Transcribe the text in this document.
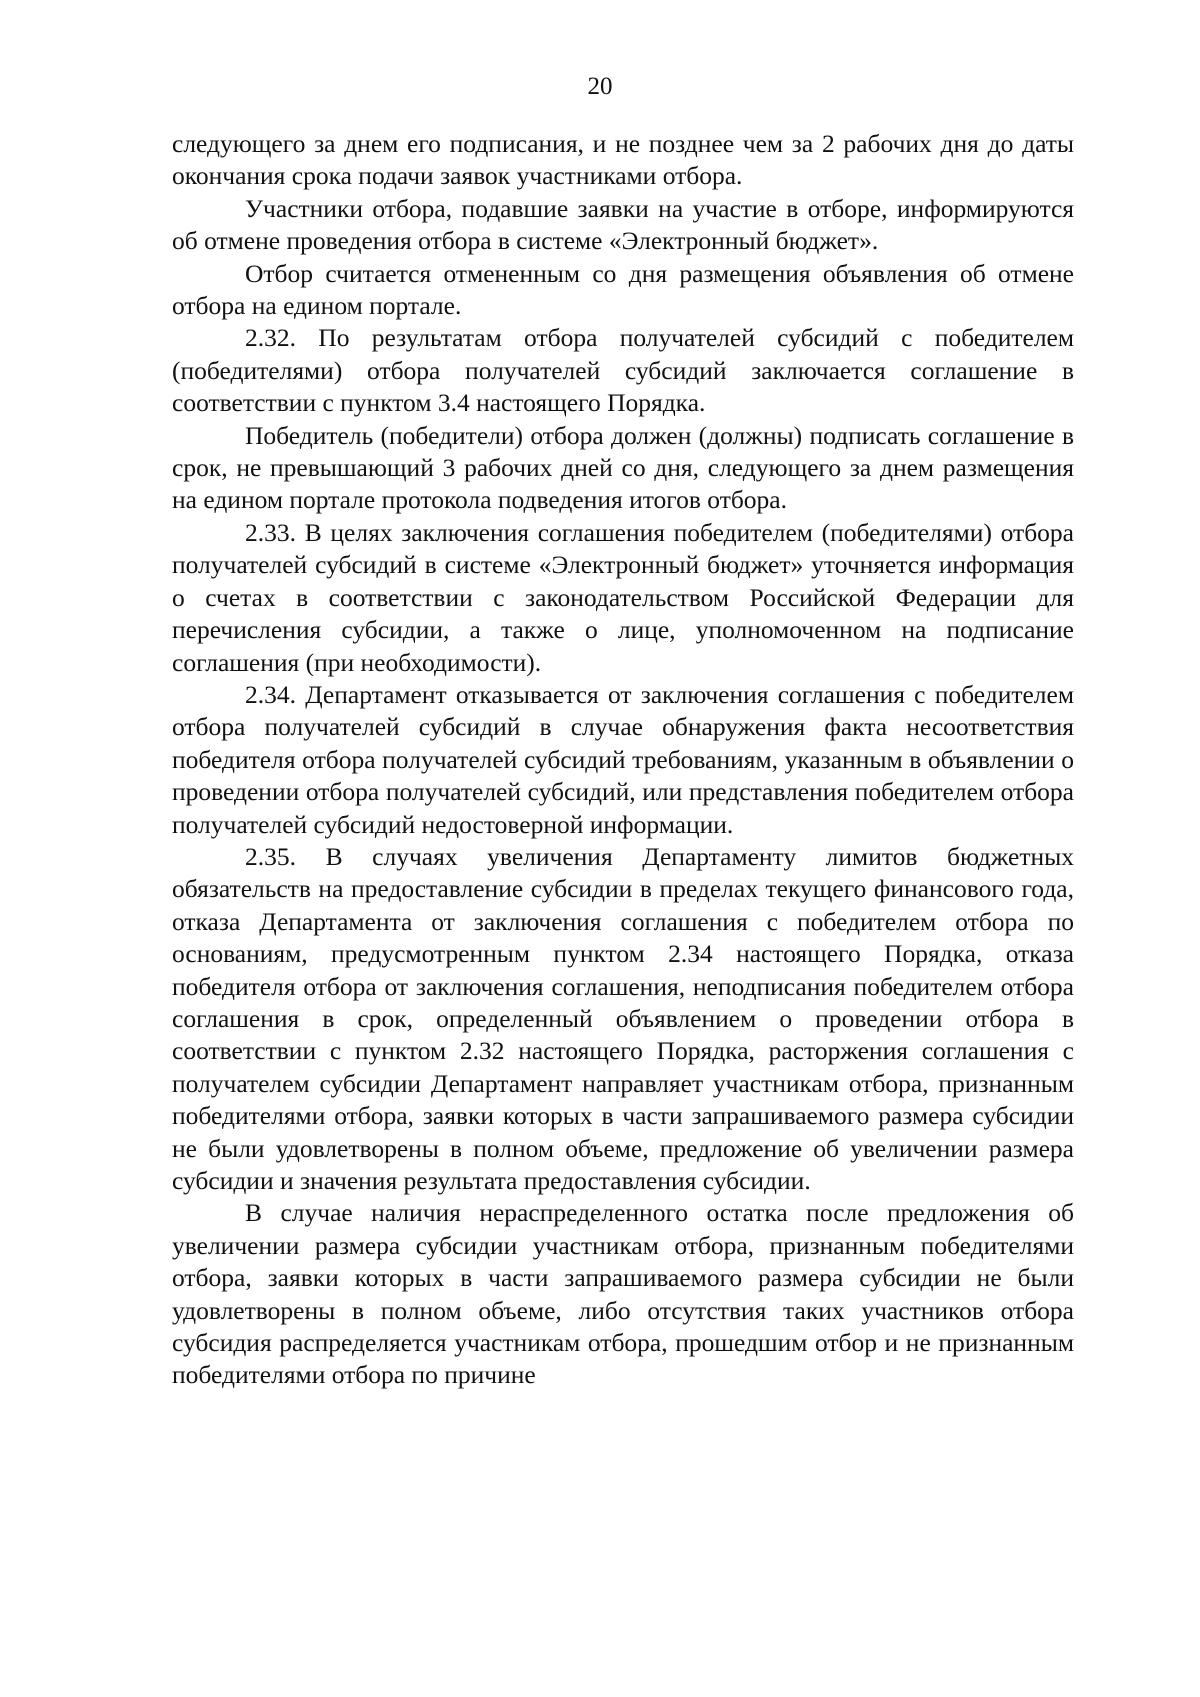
20

следующего за днем его подписания, и не позднее чем за 2 рабочих дня до даты окончания срока подачи заявок участниками отбора.

Участники отбора, подавшие заявки на участие в отборе, информируются об отмене проведения отбора в системе «Электронный бюджет».

Отбор считается отмененным со дня размещения объявления об отмене отбора на едином портале.

2.32. По результатам отбора получателей субсидий с победителем (победителями) отбора получателей субсидий заключается соглашение в соответствии с пунктом 3.4 настоящего Порядка.

Победитель (победители) отбора должен (должны) подписать соглашение в срок, не превышающий 3 рабочих дней со дня, следующего за днем размещения на едином портале протокола подведения итогов отбора.

2.33. В целях заключения соглашения победителем (победителями) отбора получателей субсидий в системе «Электронный бюджет» уточняется информация о счетах в соответствии с законодательством Российской Федерации для перечисления субсидии, а также о лице, уполномоченном на подписание соглашения (при необходимости).

2.34. Департамент отказывается от заключения соглашения с победителем отбора получателей субсидий в случае обнаружения факта несоответствия победителя отбора получателей субсидий требованиям, указанным в объявлении о проведении отбора получателей субсидий, или представления победителем отбора получателей субсидий недостоверной информации.

2.35. В случаях увеличения Департаменту лимитов бюджетных обязательств на предоставление субсидии в пределах текущего финансового года, отказа Департамента от заключения соглашения с победителем отбора по основаниям, предусмотренным пунктом 2.34 настоящего Порядка, отказа победителя отбора от заключения соглашения, неподписания победителем отбора соглашения в срок, определенный объявлением о проведении отбора в соответствии с пунктом 2.32 настоящего Порядка, расторжения соглашения с получателем субсидии Департамент направляет участникам отбора, признанным победителями отбора, заявки которых в части запрашиваемого размера субсидии не были удовлетворены в полном объеме, предложение об увеличении размера субсидии и значения результата предоставления субсидии.

В случае наличия нераспределенного остатка после предложения об увеличении размера субсидии участникам отбора, признанным победителями отбора, заявки которых в части запрашиваемого размера субсидии не были удовлетворены в полном объеме, либо отсутствия таких участников отбора субсидия распределяется участникам отбора, прошедшим отбор и не признанным победителями отбора по причине
